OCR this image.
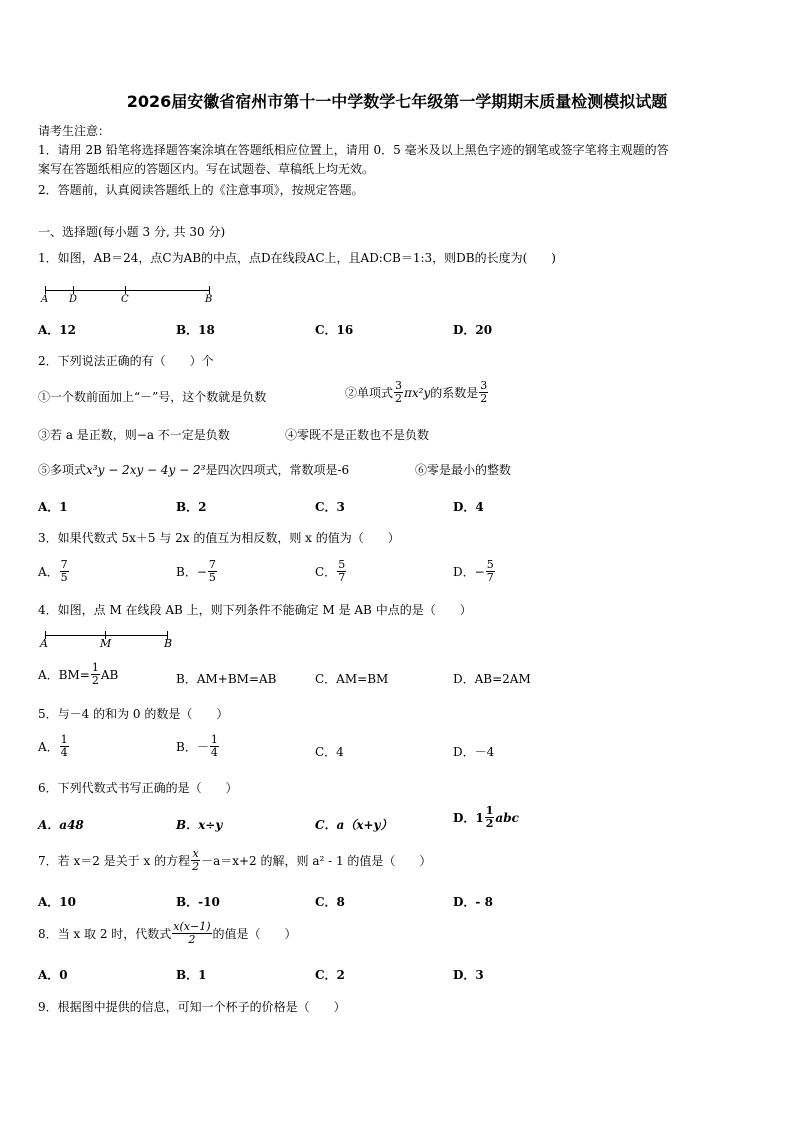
2026届安徽省宿州市第十一中学数学七年级第一学期期末质量检测模拟试题
请考生注意：
1．请用 2B 铅笔将选择题答案涂填在答题纸相应位置上，请用 0．5 毫米及以上黑色字迹的钢笔或签字笔将主观题的答
案写在答题纸相应的答题区内。写在试题卷、草稿纸上均无效。
2．答题前，认真阅读答题纸上的《注意事项》，按规定答题。
一、选择题(每小题 3 分, 共 30 分)
1．如图，AB＝24，点C为AB的中点，点D在线段AC上，且AD:CB＝1:3，则DB的长度为(　　)
A D	C	B
A．12	B．18	C．16	D．20
2．下列说法正确的有（　　）个
①一个数前面加上“－”号，这个数就是负数	②单项式 $\frac{3}{2} \pi x^2y$ 的系数是 $\frac{3}{2}$
③若 a 是正数，则−a 不一定是负数	④零既不是正数也不是负数
⑤多项式x³y − 2xy − 4y − 2³是四次四项式，常数项是-6	⑥零是最小的整数
A．1	B．2	C．3	D．4
3．如果代数式 5x＋5 与 2x 的值互为相反数，则 x 的值为（　　）
A． $\frac{7}{5}$	B．− $\frac{7}{5}$	C． $\frac{5}{7}$	D．− $\frac{5}{7}$
4．如图，点 M 在线段 AB 上，则下列条件不能确定 M 是 AB 中点的是（　　）
A	M	B
A．$BM= \frac{1}{2}$ AB	B．AM+BM=AB	C．AM=BM	D．AB=2AM
5．与－4 的和为 0 的数是（　　）
A． $\frac{1}{4}$	B．－ $\frac{1}{4}$	C．4	D．－4
6．下列代数式书写正确的是（　　）
A．a48	B．x÷y	C．a（x+y）
D．$1 \frac{1}{2}$ abc
7．若 x＝2 是关于 x 的方程 $\frac{x}{2} -a=x+2$ 的解，则 a² - 1 的值是（　　）
A．10	B．-10	C．8	D．- 8
8．当 x 取 2 时，代数式 $\frac{x(x-1)}{2}$ 的值是（　　）
A．0	B．1	C．2	D．3
9．根据图中提供的信息，可知一个杯子的价格是（　　）
